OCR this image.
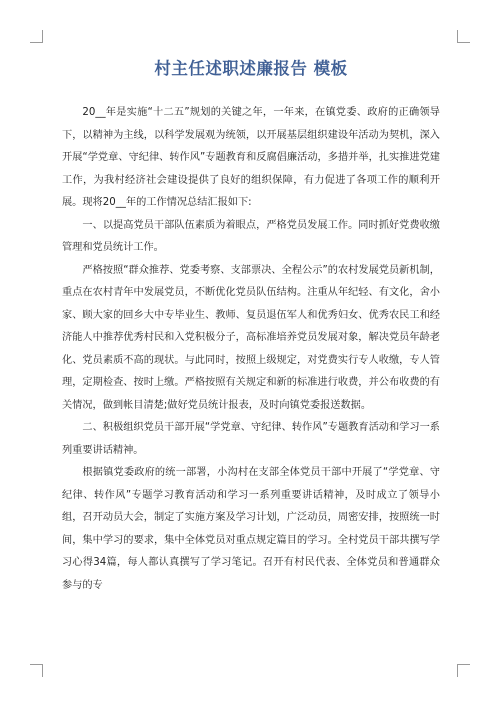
村主任述职述廉报告 模板

20__年是实施“十二五”规划的关键之年，一年来，在镇党委、政府的正确领导下，以精神为主线，以科学发展观为统领，以开展基层组织建设年活动为契机，深入开展“学党章、守纪律、转作风”专题教育和反腐倡廉活动，多措并举，扎实推进党建工作，为我村经济社会建设提供了良好的组织保障，有力促进了各项工作的顺利开展。现将20__年的工作情况总结汇报如下:

一、以提高党员干部队伍素质为着眼点，严格党员发展工作。同时抓好党费收缴管理和党员统计工作。

严格按照“群众推荐、党委考察、支部票决、全程公示”的农村发展党员新机制，重点在农村青年中发展党员，不断优化党员队伍结构。注重从年纪轻、有文化，舍小家、顾大家的回乡大中专毕业生、教师、复员退伍军人和优秀妇女、优秀农民工和经济能人中推荐优秀村民和入党积极分子，高标准培养党员发展对象，解决党员年龄老化、党员素质不高的现状。与此同时，按照上级规定，对党费实行专人收缴，专人管理，定期检查、按时上缴。严格按照有关规定和新的标准进行收费，并公布收费的有关情况，做到帐目清楚;做好党员统计报表，及时向镇党委报送数据。

二、积极组织党员干部开展“学党章、守纪律、转作风”专题教育活动和学习一系列重要讲话精神。

根据镇党委政府的统一部署，小沟村在支部全体党员干部中开展了“学党章、守纪律、转作风”专题学习教育活动和学习一系列重要讲话精神，及时成立了领导小组，召开动员大会，制定了实施方案及学习计划，广泛动员，周密安排，按照统一时间，集中学习的要求，集中全体党员对重点规定篇目的学习。全村党员干部共撰写学习心得34篇，每人都认真撰写了学习笔记。召开有村民代表、全体党员和普通群众参与的专
